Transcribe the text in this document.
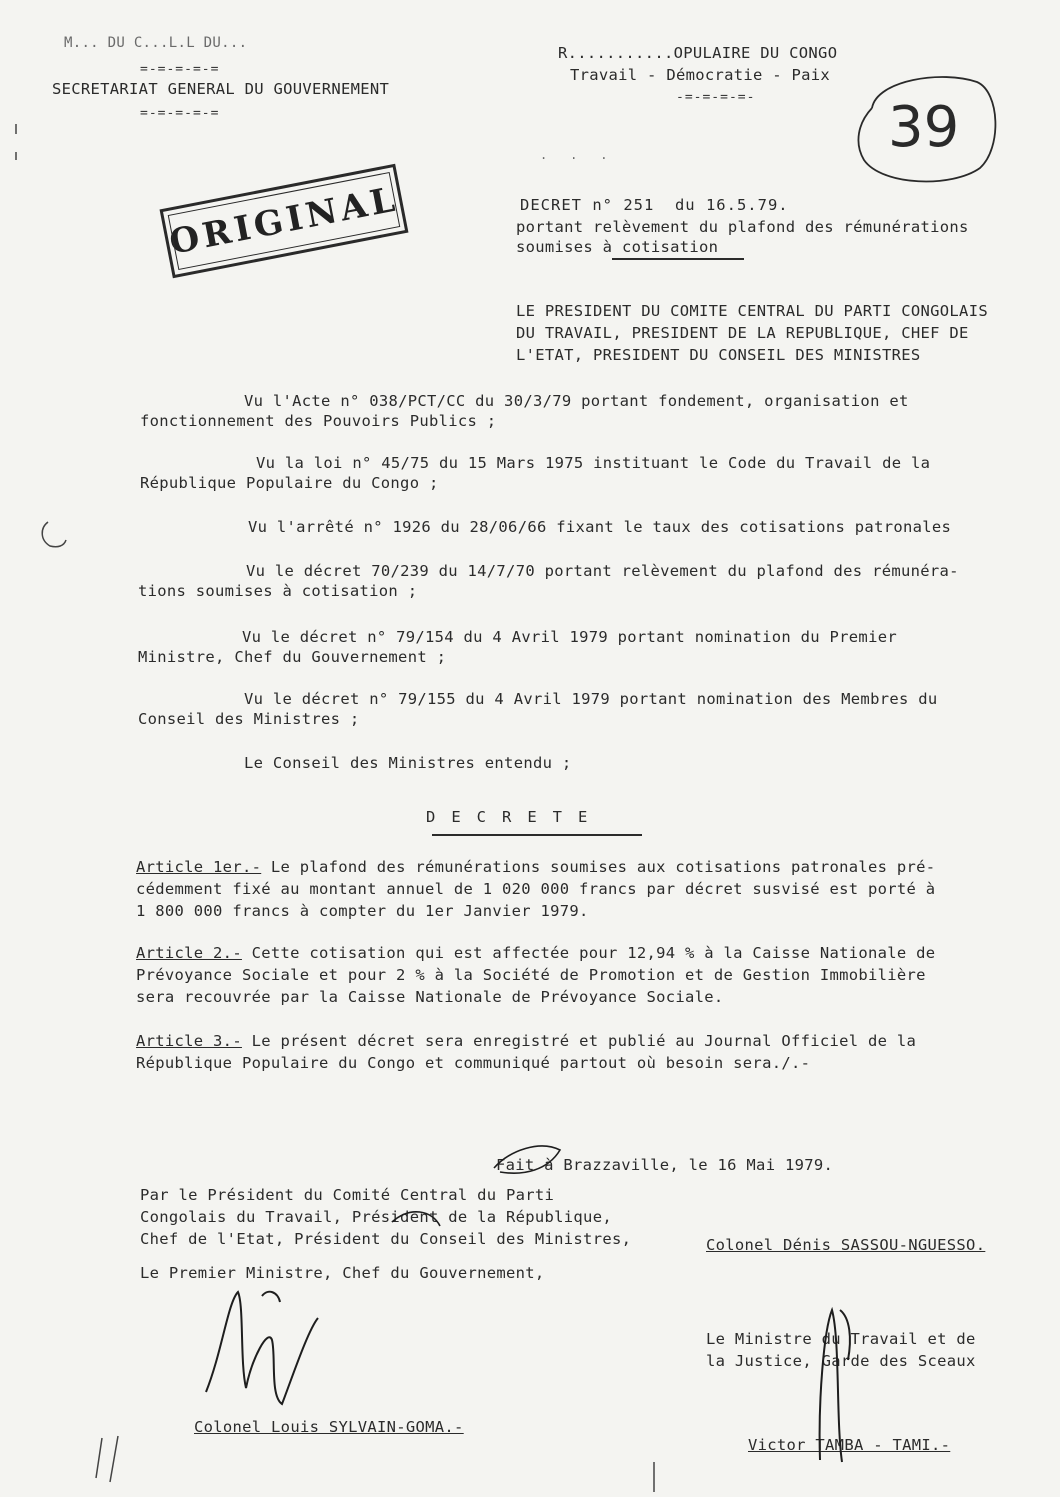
M... DU C...L.L DU...
=-=-=-=-=
SECRETARIAT GENERAL DU GOUVERNEMENT
=-=-=-=-=
R...........OPULAIRE DU CONGO
Travail - Démocratie - Paix
-=-=-=-=-
.   .   .	39
ORIGINAL	DECRET n° 251  du 16.5.79.
portant relèvement du plafond des rémunérations
soumises à cotisation
LE PRESIDENT DU COMITE CENTRAL DU PARTI CONGOLAIS
DU TRAVAIL, PRESIDENT DE LA REPUBLIQUE, CHEF DE
L'ETAT, PRESIDENT DU CONSEIL DES MINISTRES
Vu l'Acte n° 038/PCT/CC du 30/3/79 portant fondement, organisation et
fonctionnement des Pouvoirs Publics ;
Vu la loi n° 45/75 du 15 Mars 1975 instituant le Code du Travail de la
République Populaire du Congo ;
Vu l'arrêté n° 1926 du 28/06/66 fixant le taux des cotisations patronales
Vu le décret 70/239 du 14/7/70 portant relèvement du plafond des rémunéra-
tions soumises à cotisation ;
Vu le décret n° 79/154 du 4 Avril 1979 portant nomination du Premier
Ministre, Chef du Gouvernement ;
Vu le décret n° 79/155 du 4 Avril 1979 portant nomination des Membres du
Conseil des Ministres ;
Le Conseil des Ministres entendu ;
DECRETE
Article 1er.- Le plafond des rémunérations soumises aux cotisations patronales pré-
cédemment fixé au montant annuel de 1 020 000 francs par décret susvisé est porté à
1 800 000 francs à compter du 1er Janvier 1979.
Article 2.- Cette cotisation qui est affectée pour 12,94 % à la Caisse Nationale de
Prévoyance Sociale et pour 2 % à la Société de Promotion et de Gestion Immobilière
sera recouvrée par la Caisse Nationale de Prévoyance Sociale.
Article 3.- Le présent décret sera enregistré et publié au Journal Officiel de la
République Populaire du Congo et communiqué partout où besoin sera./.-
Fait à Brazzaville, le 16 Mai 1979.
Par le Président du Comité Central du Parti
Congolais du Travail, Président de la République,
Chef de l'Etat, Président du Conseil des Ministres,	Colonel Dénis SASSOU-NGUESSO.
Le Premier Ministre, Chef du Gouvernement,
Colonel Louis SYLVAIN-GOMA.-
Le Ministre du Travail et de
la Justice, Garde des Sceaux
Victor TAMBA - TAMI.-
